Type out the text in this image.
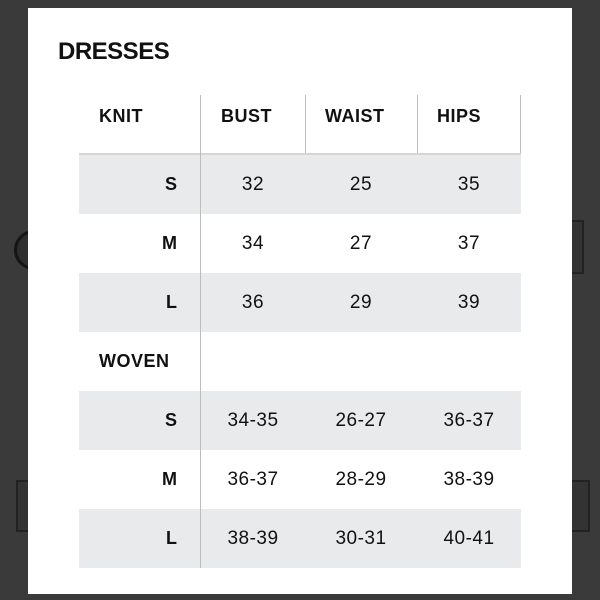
DRESSES
KNIT	BUST	WAIST	HIPS
S	32	25	35
M	34	27	37
L	36	29	39
WOVEN
S	34-35	26-27	36-37
M	36-37	28-29	38-39
L	38-39	30-31	40-41
